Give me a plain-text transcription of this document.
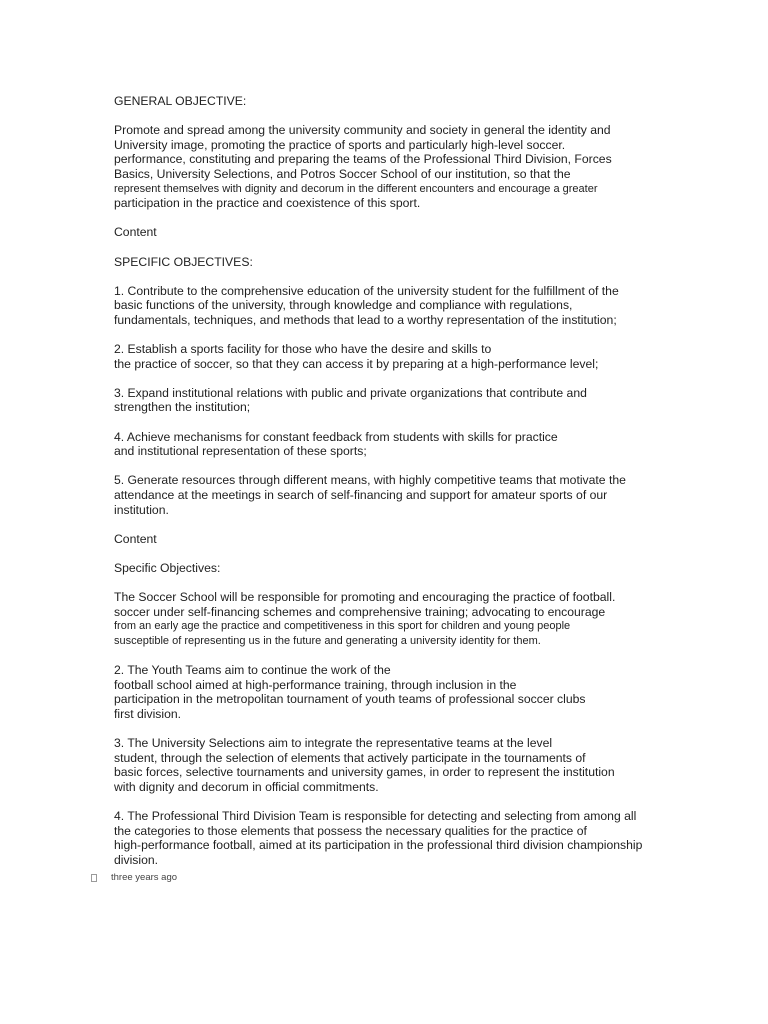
GENERAL OBJECTIVE:
Promote and spread among the university community and society in general the identity and
University image, promoting the practice of sports and particularly high-level soccer.
performance, constituting and preparing the teams of the Professional Third Division, Forces
Basics, University Selections, and Potros Soccer School of our institution, so that the
represent themselves with dignity and decorum in the different encounters and encourage a greater
participation in the practice and coexistence of this sport.
Content
SPECIFIC OBJECTIVES:
1. Contribute to the comprehensive education of the university student for the fulfillment of the
basic functions of the university, through knowledge and compliance with regulations,
fundamentals, techniques, and methods that lead to a worthy representation of the institution;
2. Establish a sports facility for those who have the desire and skills to
the practice of soccer, so that they can access it by preparing at a high-performance level;
3. Expand institutional relations with public and private organizations that contribute and
strengthen the institution;
4. Achieve mechanisms for constant feedback from students with skills for practice
and institutional representation of these sports;
5. Generate resources through different means, with highly competitive teams that motivate the
attendance at the meetings in search of self-financing and support for amateur sports of our
institution.
Content
Specific Objectives:
The Soccer School will be responsible for promoting and encouraging the practice of football.
soccer under self-financing schemes and comprehensive training; advocating to encourage
from an early age the practice and competitiveness in this sport for children and young people
susceptible of representing us in the future and generating a university identity for them.
2. The Youth Teams aim to continue the work of the
football school aimed at high-performance training, through inclusion in the
participation in the metropolitan tournament of youth teams of professional soccer clubs
first division.
3. The University Selections aim to integrate the representative teams at the level
student, through the selection of elements that actively participate in the tournaments of
basic forces, selective tournaments and university games, in order to represent the institution
with dignity and decorum in official commitments.
4. The Professional Third Division Team is responsible for detecting and selecting from among all
the categories to those elements that possess the necessary qualities for the practice of
high-performance football, aimed at its participation in the professional third division championship
division.
three years ago
